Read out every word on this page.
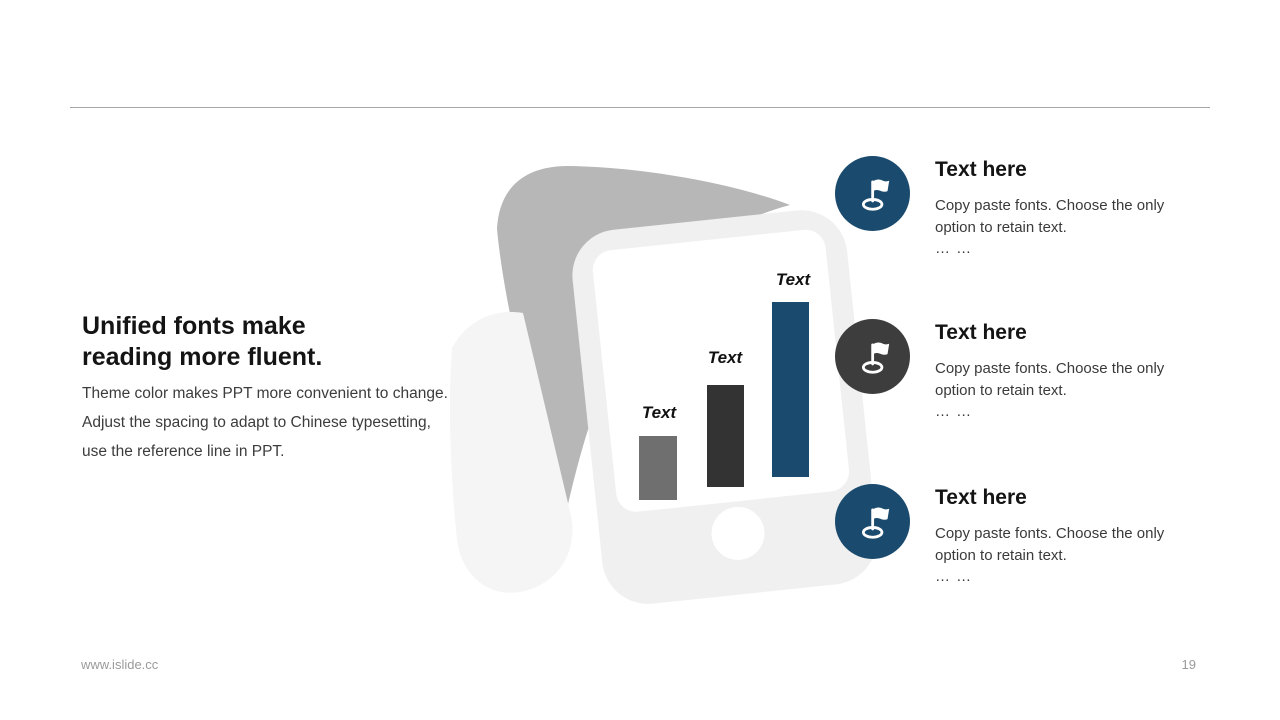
Unified fonts make
reading more fluent.
Theme color makes PPT more convenient to change.
Adjust the spacing to adapt to Chinese typesetting,
use the reference line in PPT.
Text
Text
Text
Text here

Copy paste fonts. Choose the only
option to retain text.

… …
Text here

Copy paste fonts. Choose the only
option to retain text.

… …
Text here

Copy paste fonts. Choose the only
option to retain text.

… …
www.islide.cc	19
